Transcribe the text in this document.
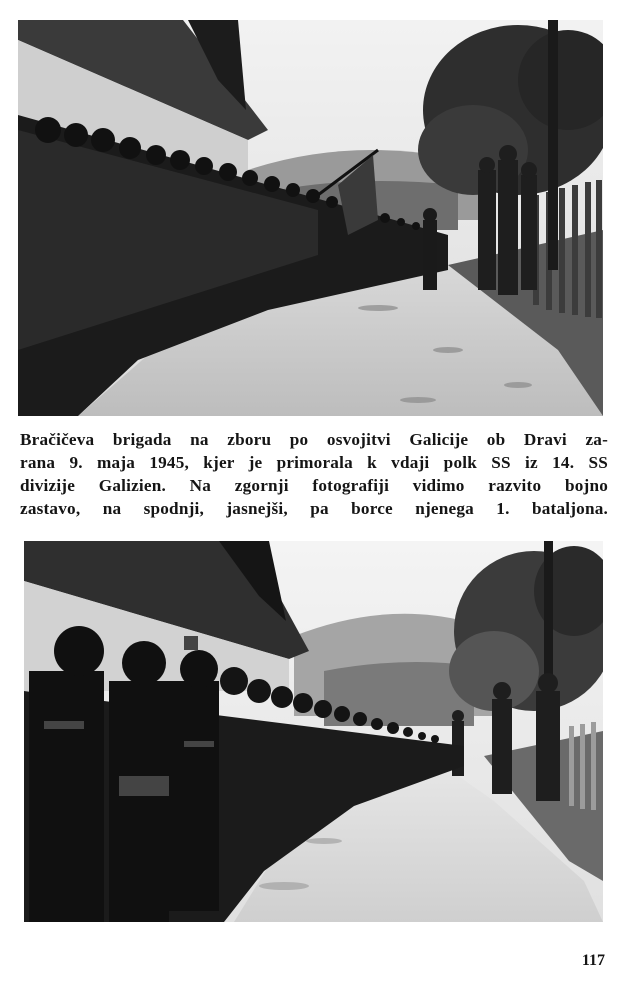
Bračičeva brigada na zboru po osvojitvi Galicije ob Dravi za-
rana 9. maja 1945, kjer je primorala k vdaji polk SS iz 14. SS
divizije Galizien. Na zgornji fotografiji vidimo razvito bojno
zastavo, na spodnji, jasnejši, pa borce njenega 1. bataljona.
117
